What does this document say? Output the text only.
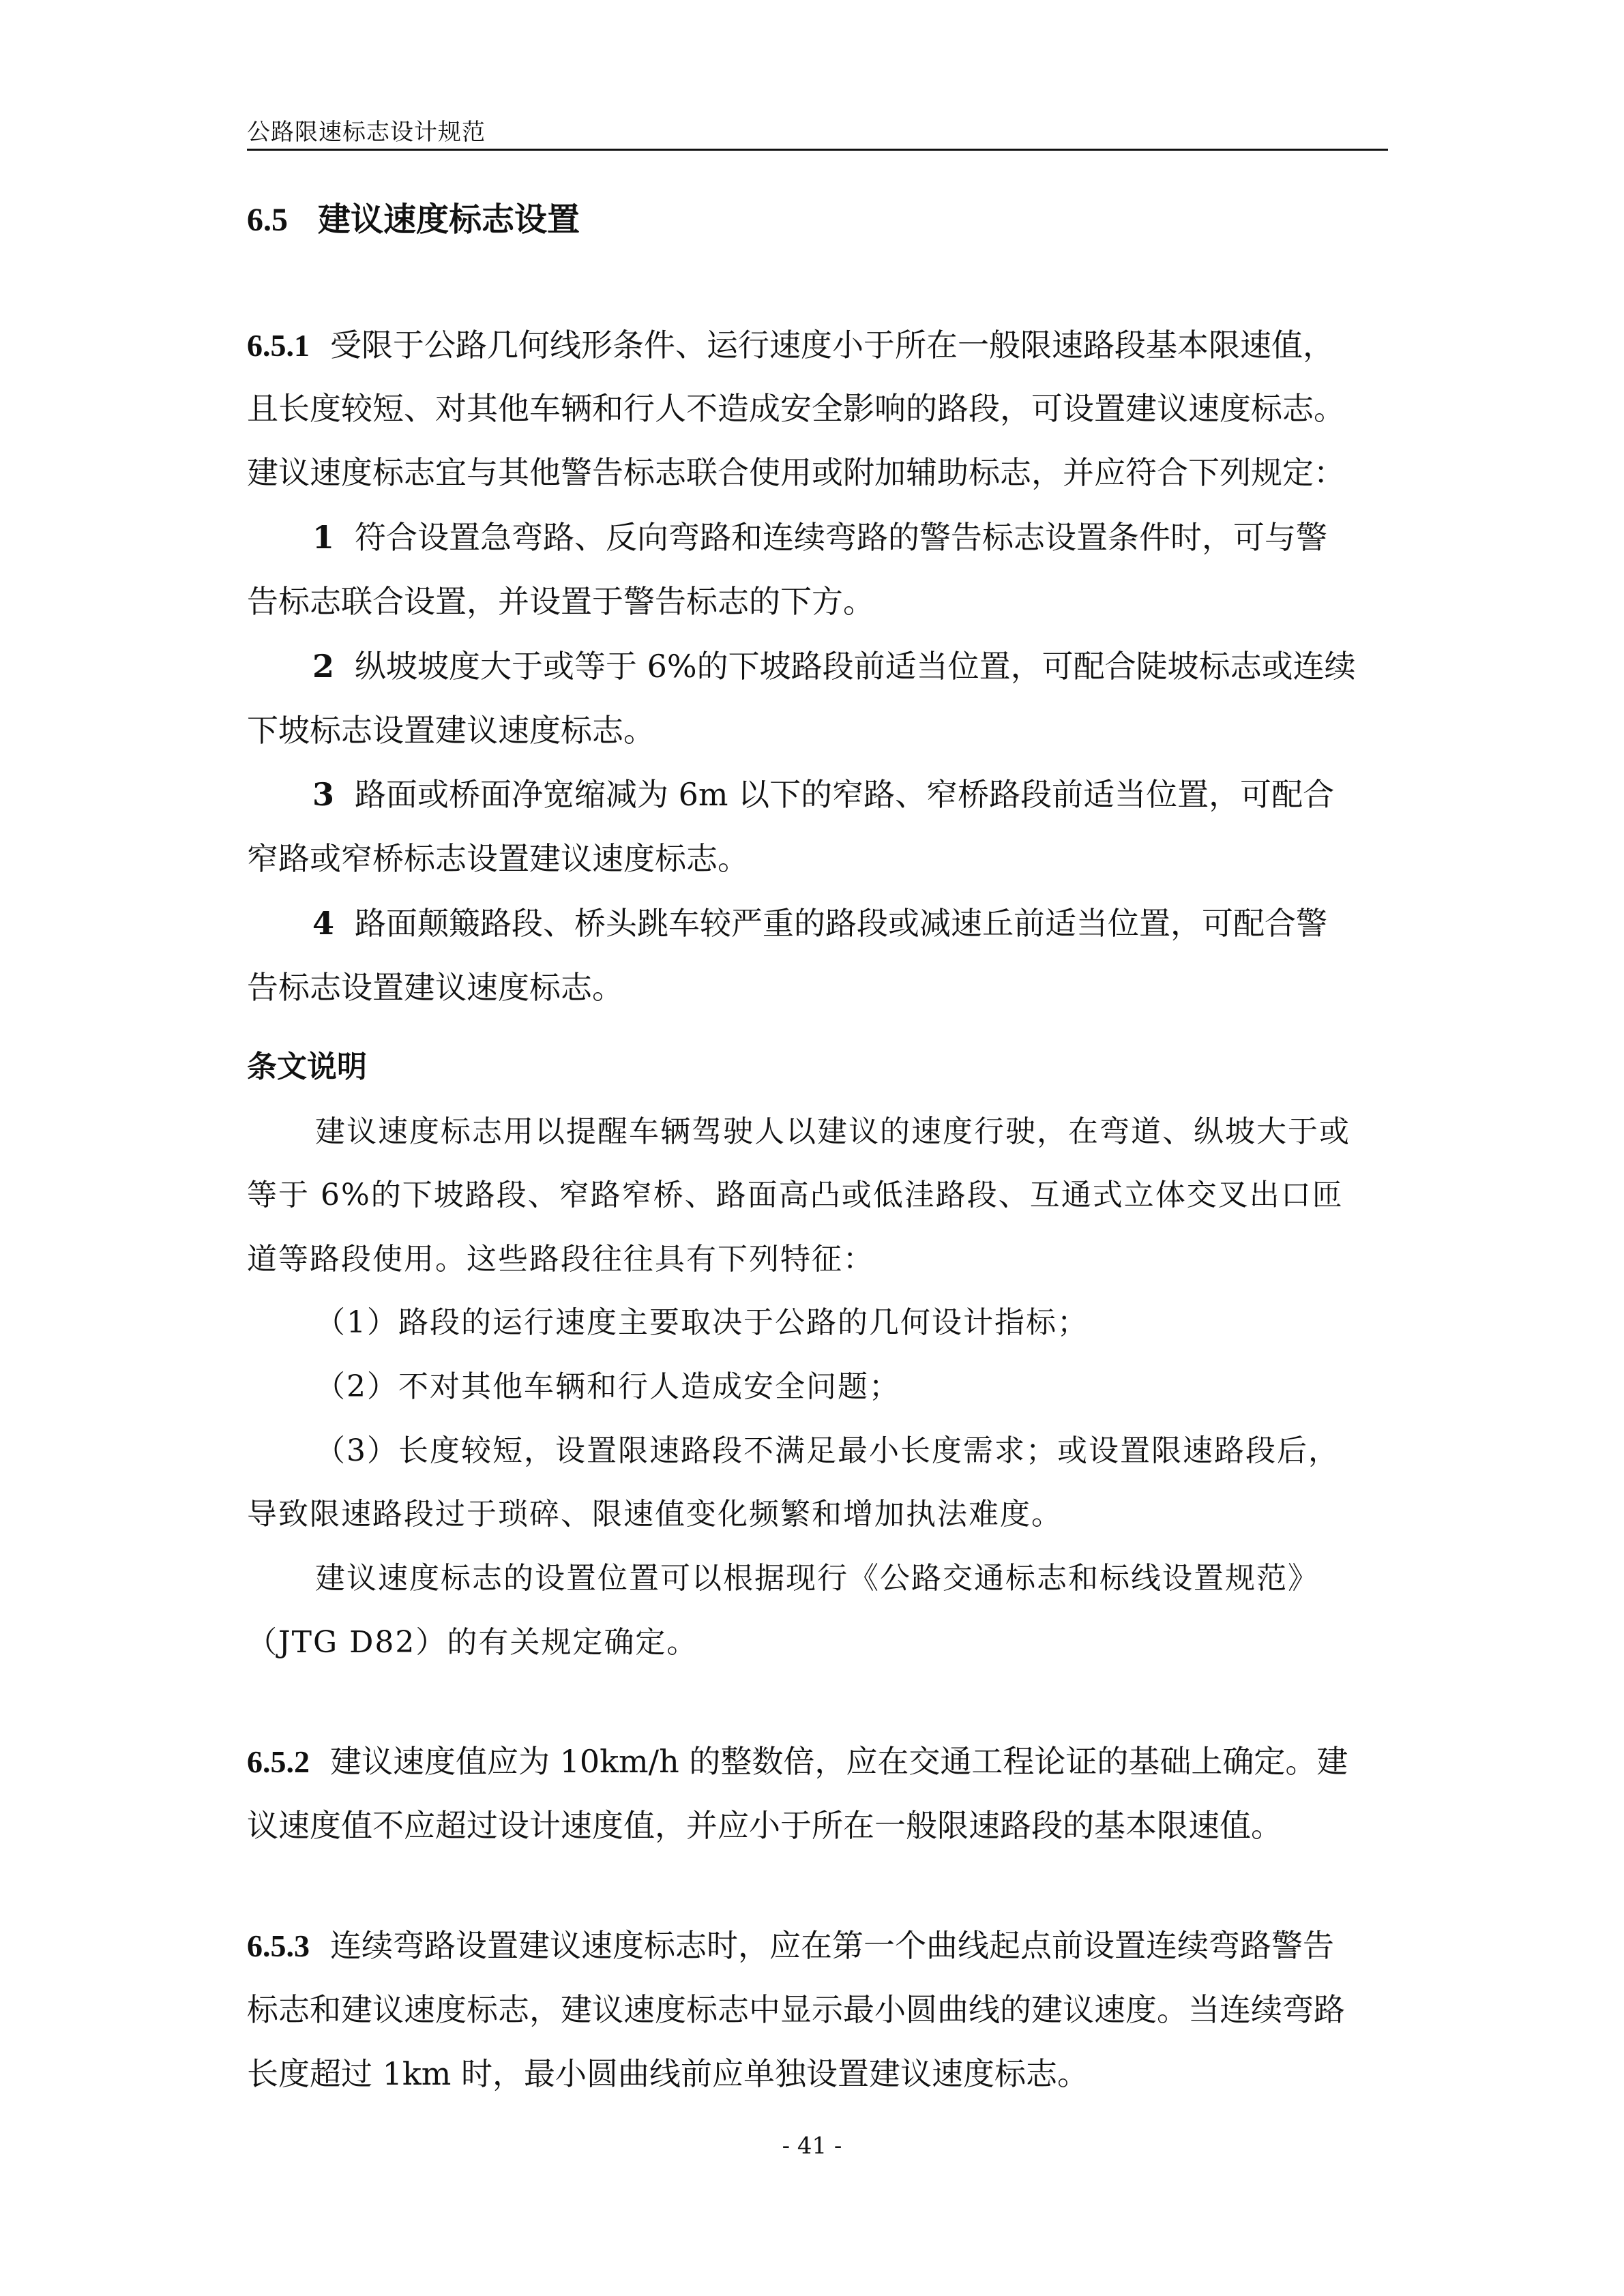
公路限速标志设计规范
6.5 建议速度标志设置
6.5.1 受限于公路几何线形条件、运行速度小于所在一般限速路段基本限速值，
且长度较短、对其他车辆和行人不造成安全影响的路段，可设置建议速度标志。
建议速度标志宜与其他警告标志联合使用或附加辅助标志，并应符合下列规定：
1 符合设置急弯路、反向弯路和连续弯路的警告标志设置条件时，可与警
告标志联合设置，并设置于警告标志的下方。
2 纵坡坡度大于或等于 6%的下坡路段前适当位置，可配合陡坡标志或连续
下坡标志设置建议速度标志。
3 路面或桥面净宽缩减为 6m 以下的窄路、窄桥路段前适当位置，可配合
窄路或窄桥标志设置建议速度标志。
4 路面颠簸路段、桥头跳车较严重的路段或减速丘前适当位置，可配合警
告标志设置建议速度标志。
条文说明
建议速度标志用以提醒车辆驾驶人以建议的速度行驶，在弯道、纵坡大于或
等于 6%的下坡路段、窄路窄桥、路面高凸或低洼路段、互通式立体交叉出口匝
道等路段使用。这些路段往往具有下列特征：
（1）路段的运行速度主要取决于公路的几何设计指标；
（2）不对其他车辆和行人造成安全问题；
（3）长度较短，设置限速路段不满足最小长度需求；或设置限速路段后，
导致限速路段过于琐碎、限速值变化频繁和增加执法难度。
建议速度标志的设置位置可以根据现行《公路交通标志和标线设置规范》
（JTG D82）的有关规定确定。
6.5.2 建议速度值应为 10km/h 的整数倍，应在交通工程论证的基础上确定。建
议速度值不应超过设计速度值，并应小于所在一般限速路段的基本限速值。
6.5.3 连续弯路设置建议速度标志时，应在第一个曲线起点前设置连续弯路警告
标志和建议速度标志，建议速度标志中显示最小圆曲线的建议速度。当连续弯路
长度超过 1km 时，最小圆曲线前应单独设置建议速度标志。
- 41 -
